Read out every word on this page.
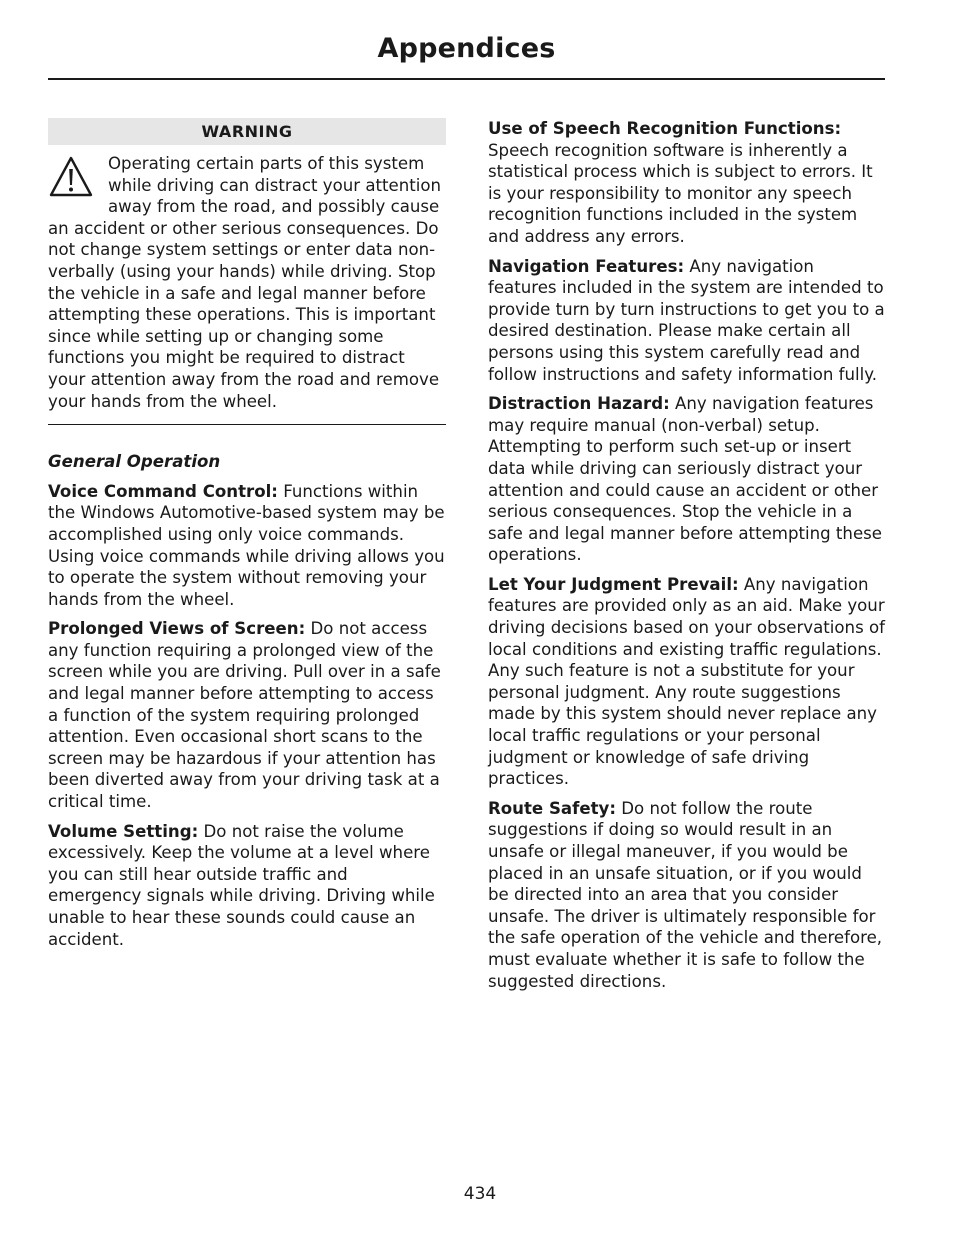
Appendices
WARNING
Operating certain parts of this system while driving can distract your attention away from the road, and possibly cause an accident or other serious consequences. Do not change system settings or enter data non-verbally (using your hands) while driving. Stop the vehicle in a safe and legal manner before attempting these operations. This is important since while setting up or changing some functions you might be required to distract your attention away from the road and remove your hands from the wheel.
General Operation

Voice Command Control: Functions within the Windows Automotive-based system may be accomplished using only voice commands. Using voice commands while driving allows you to operate the system without removing your hands from the wheel.

Prolonged Views of Screen: Do not access any function requiring a prolonged view of the screen while you are driving. Pull over in a safe and legal manner before attempting to access a function of the system requiring prolonged attention. Even occasional short scans to the screen may be hazardous if your attention has been diverted away from your driving task at a critical time.

Volume Setting: Do not raise the volume excessively. Keep the volume at a level where you can still hear outside traffic and emergency signals while driving. Driving while unable to hear these sounds could cause an accident.

Use of Speech Recognition Functions: Speech recognition software is inherently a statistical process which is subject to errors. It is your responsibility to monitor any speech recognition functions included in the system and address any errors.

Navigation Features: Any navigation features included in the system are intended to provide turn by turn instructions to get you to a desired destination. Please make certain all persons using this system carefully read and follow instructions and safety information fully.

Distraction Hazard: Any navigation features may require manual (non-verbal) setup. Attempting to perform such set-up or insert data while driving can seriously distract your attention and could cause an accident or other serious consequences. Stop the vehicle in a safe and legal manner before attempting these operations.

Let Your Judgment Prevail: Any navigation features are provided only as an aid. Make your driving decisions based on your observations of local conditions and existing traffic regulations. Any such feature is not a substitute for your personal judgment. Any route suggestions made by this system should never replace any local traffic regulations or your personal judgment or knowledge of safe driving practices.

Route Safety: Do not follow the route suggestions if doing so would result in an unsafe or illegal maneuver, if you would be placed in an unsafe situation, or if you would be directed into an area that you consider unsafe. The driver is ultimately responsible for the safe operation of the vehicle and therefore, must evaluate whether it is safe to follow the suggested directions.

434
